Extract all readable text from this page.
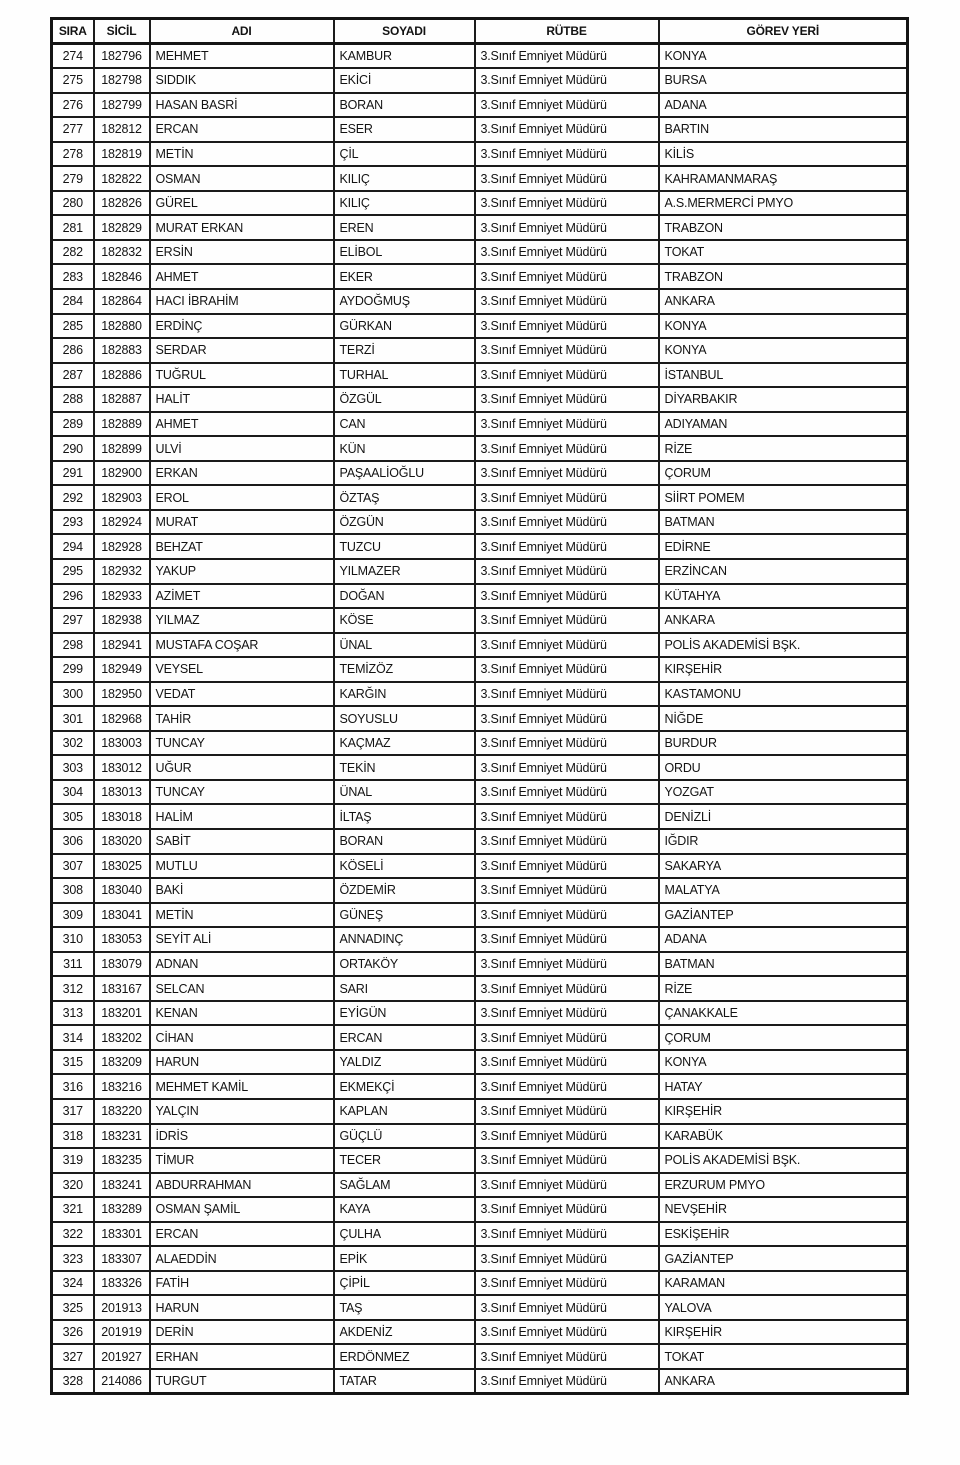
SIRA	SİCİL	ADI	SOYADI	RÜTBE	GÖREV YERİ
274	182796	MEHMET	KAMBUR	3.Sınıf Emniyet Müdürü	KONYA
275	182798	SIDDIK	EKİCİ	3.Sınıf Emniyet Müdürü	BURSA
276	182799	HASAN BASRİ	BORAN	3.Sınıf Emniyet Müdürü	ADANA
277	182812	ERCAN	ESER	3.Sınıf Emniyet Müdürü	BARTIN
278	182819	METİN	ÇİL	3.Sınıf Emniyet Müdürü	KİLİS
279	182822	OSMAN	KILIÇ	3.Sınıf Emniyet Müdürü	KAHRAMANMARAŞ
280	182826	GÜREL	KILIÇ	3.Sınıf Emniyet Müdürü	A.S.MERMERCİ PMYO
281	182829	MURAT ERKAN	EREN	3.Sınıf Emniyet Müdürü	TRABZON
282	182832	ERSİN	ELİBOL	3.Sınıf Emniyet Müdürü	TOKAT
283	182846	AHMET	EKER	3.Sınıf Emniyet Müdürü	TRABZON
284	182864	HACI İBRAHİM	AYDOĞMUŞ	3.Sınıf Emniyet Müdürü	ANKARA
285	182880	ERDİNÇ	GÜRKAN	3.Sınıf Emniyet Müdürü	KONYA
286	182883	SERDAR	TERZİ	3.Sınıf Emniyet Müdürü	KONYA
287	182886	TUĞRUL	TURHAL	3.Sınıf Emniyet Müdürü	İSTANBUL
288	182887	HALİT	ÖZGÜL	3.Sınıf Emniyet Müdürü	DİYARBAKIR
289	182889	AHMET	CAN	3.Sınıf Emniyet Müdürü	ADIYAMAN
290	182899	ULVİ	KÜN	3.Sınıf Emniyet Müdürü	RİZE
291	182900	ERKAN	PAŞAALİOĞLU	3.Sınıf Emniyet Müdürü	ÇORUM
292	182903	EROL	ÖZTAŞ	3.Sınıf Emniyet Müdürü	SİİRT POMEM
293	182924	MURAT	ÖZGÜN	3.Sınıf Emniyet Müdürü	BATMAN
294	182928	BEHZAT	TUZCU	3.Sınıf Emniyet Müdürü	EDİRNE
295	182932	YAKUP	YILMAZER	3.Sınıf Emniyet Müdürü	ERZİNCAN
296	182933	AZİMET	DOĞAN	3.Sınıf Emniyet Müdürü	KÜTAHYA
297	182938	YILMAZ	KÖSE	3.Sınıf Emniyet Müdürü	ANKARA
298	182941	MUSTAFA COŞAR	ÜNAL	3.Sınıf Emniyet Müdürü	POLİS AKADEMİSİ BŞK.
299	182949	VEYSEL	TEMİZÖZ	3.Sınıf Emniyet Müdürü	KIRŞEHİR
300	182950	VEDAT	KARĞIN	3.Sınıf Emniyet Müdürü	KASTAMONU
301	182968	TAHİR	SOYUSLU	3.Sınıf Emniyet Müdürü	NİĞDE
302	183003	TUNCAY	KAÇMAZ	3.Sınıf Emniyet Müdürü	BURDUR
303	183012	UĞUR	TEKİN	3.Sınıf Emniyet Müdürü	ORDU
304	183013	TUNCAY	ÜNAL	3.Sınıf Emniyet Müdürü	YOZGAT
305	183018	HALİM	İLTAŞ	3.Sınıf Emniyet Müdürü	DENİZLİ
306	183020	SABİT	BORAN	3.Sınıf Emniyet Müdürü	IĞDIR
307	183025	MUTLU	KÖSELİ	3.Sınıf Emniyet Müdürü	SAKARYA
308	183040	BAKİ	ÖZDEMİR	3.Sınıf Emniyet Müdürü	MALATYA
309	183041	METİN	GÜNEŞ	3.Sınıf Emniyet Müdürü	GAZİANTEP
310	183053	SEYİT ALİ	ANNADINÇ	3.Sınıf Emniyet Müdürü	ADANA
311	183079	ADNAN	ORTAKÖY	3.Sınıf Emniyet Müdürü	BATMAN
312	183167	SELCAN	SARI	3.Sınıf Emniyet Müdürü	RİZE
313	183201	KENAN	EYİGÜN	3.Sınıf Emniyet Müdürü	ÇANAKKALE
314	183202	CİHAN	ERCAN	3.Sınıf Emniyet Müdürü	ÇORUM
315	183209	HARUN	YALDIZ	3.Sınıf Emniyet Müdürü	KONYA
316	183216	MEHMET KAMİL	EKMEKÇİ	3.Sınıf Emniyet Müdürü	HATAY
317	183220	YALÇIN	KAPLAN	3.Sınıf Emniyet Müdürü	KIRŞEHİR
318	183231	İDRİS	GÜÇLÜ	3.Sınıf Emniyet Müdürü	KARABÜK
319	183235	TİMUR	TECER	3.Sınıf Emniyet Müdürü	POLİS AKADEMİSİ BŞK.
320	183241	ABDURRAHMAN	SAĞLAM	3.Sınıf Emniyet Müdürü	ERZURUM PMYO
321	183289	OSMAN ŞAMİL	KAYA	3.Sınıf Emniyet Müdürü	NEVŞEHİR
322	183301	ERCAN	ÇULHA	3.Sınıf Emniyet Müdürü	ESKİŞEHİR
323	183307	ALAEDDİN	EPİK	3.Sınıf Emniyet Müdürü	GAZİANTEP
324	183326	FATİH	ÇİPİL	3.Sınıf Emniyet Müdürü	KARAMAN
325	201913	HARUN	TAŞ	3.Sınıf Emniyet Müdürü	YALOVA
326	201919	DERİN	AKDENİZ	3.Sınıf Emniyet Müdürü	KIRŞEHİR
327	201927	ERHAN	ERDÖNMEZ	3.Sınıf Emniyet Müdürü	TOKAT
328	214086	TURGUT	TATAR	3.Sınıf Emniyet Müdürü	ANKARA
